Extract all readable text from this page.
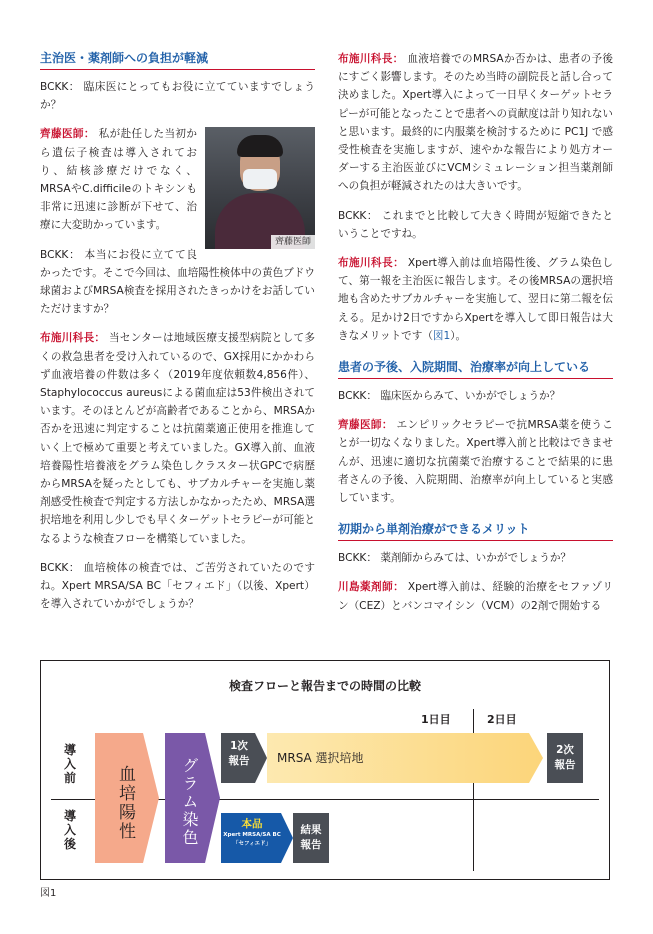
主治医・薬剤師への負担が軽減

BCKK： 臨床医にとってもお役に立てていますでしょうか？

齊藤医師
齊藤医師： 私が赴任した当初から遺伝子検査は導入されており、結核診療だけでなく、MRSAやC.difficileのトキシンも非常に迅速に診断が下せて、治療に大変助かっています。

BCKK： 本当にお役に立てて良かったです。そこで今回は、血培陽性検体中の黄色ブドウ球菌およびMRSA検査を採用されたきっかけをお話していただけますか？

布施川科長： 当センターは地域医療支援型病院として多くの救急患者を受け入れているので、GX採用にかかわらず血液培養の件数は多く（2019年度依頼数4,856件）、Staphylococcus aureusによる菌血症は53件検出されています。そのほとんどが高齢者であることから、MRSAか否かを迅速に判定することは抗菌薬適正使用を推進していく上で極めて重要と考えていました。GX導入前、血液培養陽性培養液をグラム染色しクラスター状GPCで病歴からMRSAを疑ったとしても、サブカルチャーを実施し薬剤感受性検査で判定する方法しかなかったため、MRSA選択培地を利用し少しでも早くターゲットセラピーが可能となるような検査フローを構築していました。

BCKK： 血培検体の検査では、ご苦労されていたのですね。Xpert MRSA/SA BC「セフィエド」（以後、Xpert）を導入されていかがでしょうか？

布施川科長： 血液培養でのMRSAか否かは、患者の予後にすごく影響します。そのため当時の副院長と話し合って決めました。Xpert導入によって一日早くターゲットセラピーが可能となったことで患者への貢献度は計り知れないと思います。最終的に内服薬を検討するために PC1J で感受性検査を実施しますが、速やかな報告により処方オーダーする主治医並びにVCMシミュレーション担当薬剤師への負担が軽減されたのは大きいです。

BCKK： これまでと比較して大きく時間が短縮できたということですね。

布施川科長： Xpert導入前は血培陽性後、グラム染色して、第一報を主治医に報告します。その後MRSAの選択培地も含めたサブカルチャーを実施して、翌日に第二報を伝える。足かけ2日ですからXpertを導入して即日報告は大きなメリットです（図1）。

患者の予後、入院期間、治療率が向上している

BCKK： 臨床医からみて、いかがでしょうか？

齊藤医師： エンピリックセラピーで抗MRSA薬を使うことが一切なくなりました。Xpert導入前と比較はできませんが、迅速に適切な抗菌薬で治療することで結果的に患者さんの予後、入院期間、治療率が向上していると実感しています。

初期から単剤治療ができるメリット

BCKK： 薬剤師からみては、いかがでしょうか？

川島薬剤師： Xpert導入前は、経験的治療をセファゾリン（CEZ）とバンコマイシン（VCM）の2剤で開始する

検査フローと報告までの時間の比較
1日目	2日目
導入前
導入後
血培陽性	グラム染色
1次
報告	MRSA 選択培地
2次
報告
本品
Xpert MRSA/SA BC
「セフィエド」
結果
報告
図1
